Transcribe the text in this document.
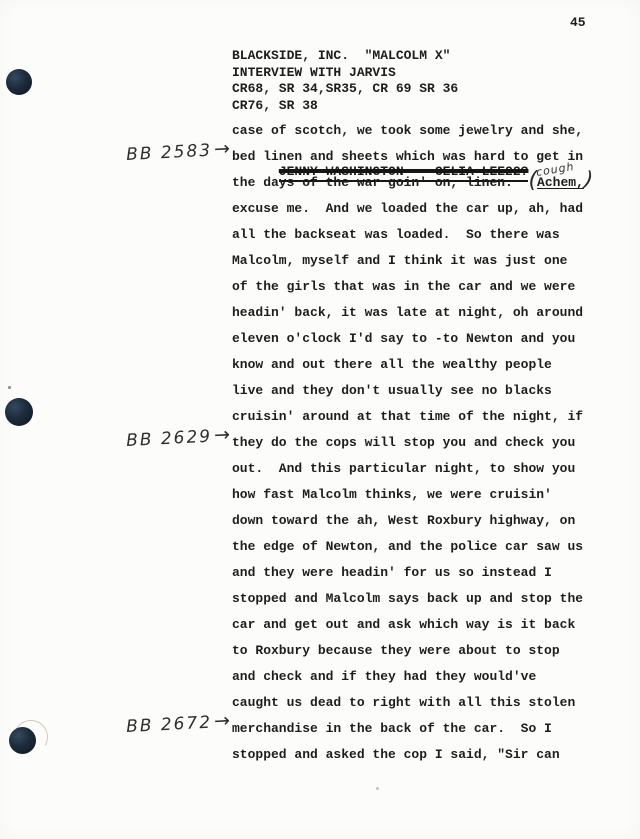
45

BLACKSIDE, INC.  "MALCOLM X"
INTERVIEW WITH JARVIS
CR68, SR 34,SR35, CR 69 SR 36
CR76, SR 38

JENNY WASHINGTON -- CELIA LEE22?

case of scotch, we took some jewelry and she,
bed linen and sheets which was hard to get in
the days of the war goin' on, linen.  (Achem,)
cough
excuse me.  And we loaded the car up, ah, had
all the backseat was loaded.  So there was
Malcolm, myself and I think it was just one
of the girls that was in the car and we were
headin' back, it was late at night, oh around
eleven o'clock I'd say to -to Newton and you
know and out there all the wealthy people
live and they don't usually see no blacks
cruisin' around at that time of the night, if
they do the cops will stop you and check you
out.  And this particular night, to show you
how fast Malcolm thinks, we were cruisin'
down toward the ah, West Roxbury highway, on
the edge of Newton, and the police car saw us
and they were headin' for us so instead I
stopped and Malcolm says back up and stop the
car and get out and ask which way is it back
to Roxbury because they were about to stop
and check and if they had they would've
caught us dead to right with all this stolen
merchandise in the back of the car.  So I
stopped and asked the cop I said, "Sir can
BB 2583→
BB 2629→
BB 2672→
